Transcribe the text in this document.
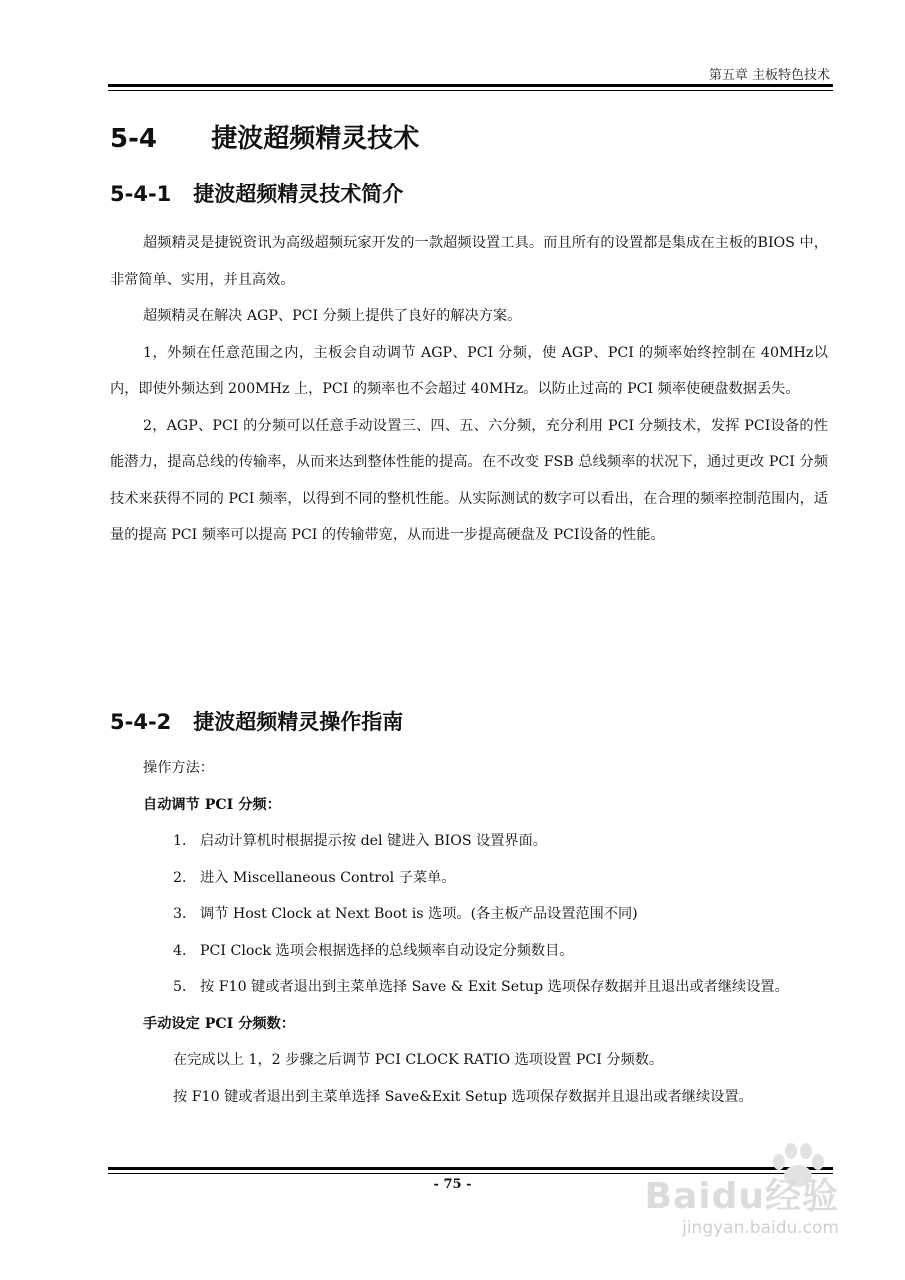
第五章 主板特色技术
5-4      捷波超频精灵技术
5-4-1   捷波超频精灵技术简介

超频精灵是捷锐资讯为高级超频玩家开发的一款超频设置工具。而且所有的设置都是集成在主板的BIOS 中，非常简单、实用，并且高效。

超频精灵在解决 AGP、PCI 分频上提供了良好的解决方案。

1，外频在任意范围之内，主板会自动调节 AGP、PCI 分频，使 AGP、PCI 的频率始终控制在 40MHz以内，即使外频达到 200MHz 上，PCI 的频率也不会超过 40MHz。以防止过高的 PCI 频率使硬盘数据丢失。

2，AGP、PCI 的分频可以任意手动设置三、四、五、六分频，充分利用 PCI 分频技术，发挥 PCI设备的性能潜力，提高总线的传输率，从而来达到整体性能的提高。在不改变 FSB 总线频率的状况下，通过更改 PCI 分频技术来获得不同的 PCI 频率，以得到不同的整机性能。从实际测试的数字可以看出，在合理的频率控制范围内，适量的提高 PCI 频率可以提高 PCI 的传输带宽，从而进一步提高硬盘及 PCI设备的性能。

5-4-2   捷波超频精灵操作指南
操作方法：
自动调节 PCI 分频：
1． 启动计算机时根据提示按 del 键进入 BIOS 设置界面。
2． 进入 Miscellaneous Control 子菜单。
3． 调节 Host Clock at Next Boot is 选项。(各主板产品设置范围不同)
4． PCI Clock 选项会根据选择的总线频率自动设定分频数目。
5． 按 F10 键或者退出到主菜单选择 Save & Exit Setup 选项保存数据并且退出或者继续设置。
手动设定 PCI 分频数：

在完成以上 1，2 步骤之后调节 PCI CLOCK RATIO 选项设置 PCI 分频数。

按 F10 键或者退出到主菜单选择 Save&Exit Setup 选项保存数据并且退出或者继续设置。

- 75 -	Baidu经验
jingyan.baidu.com
